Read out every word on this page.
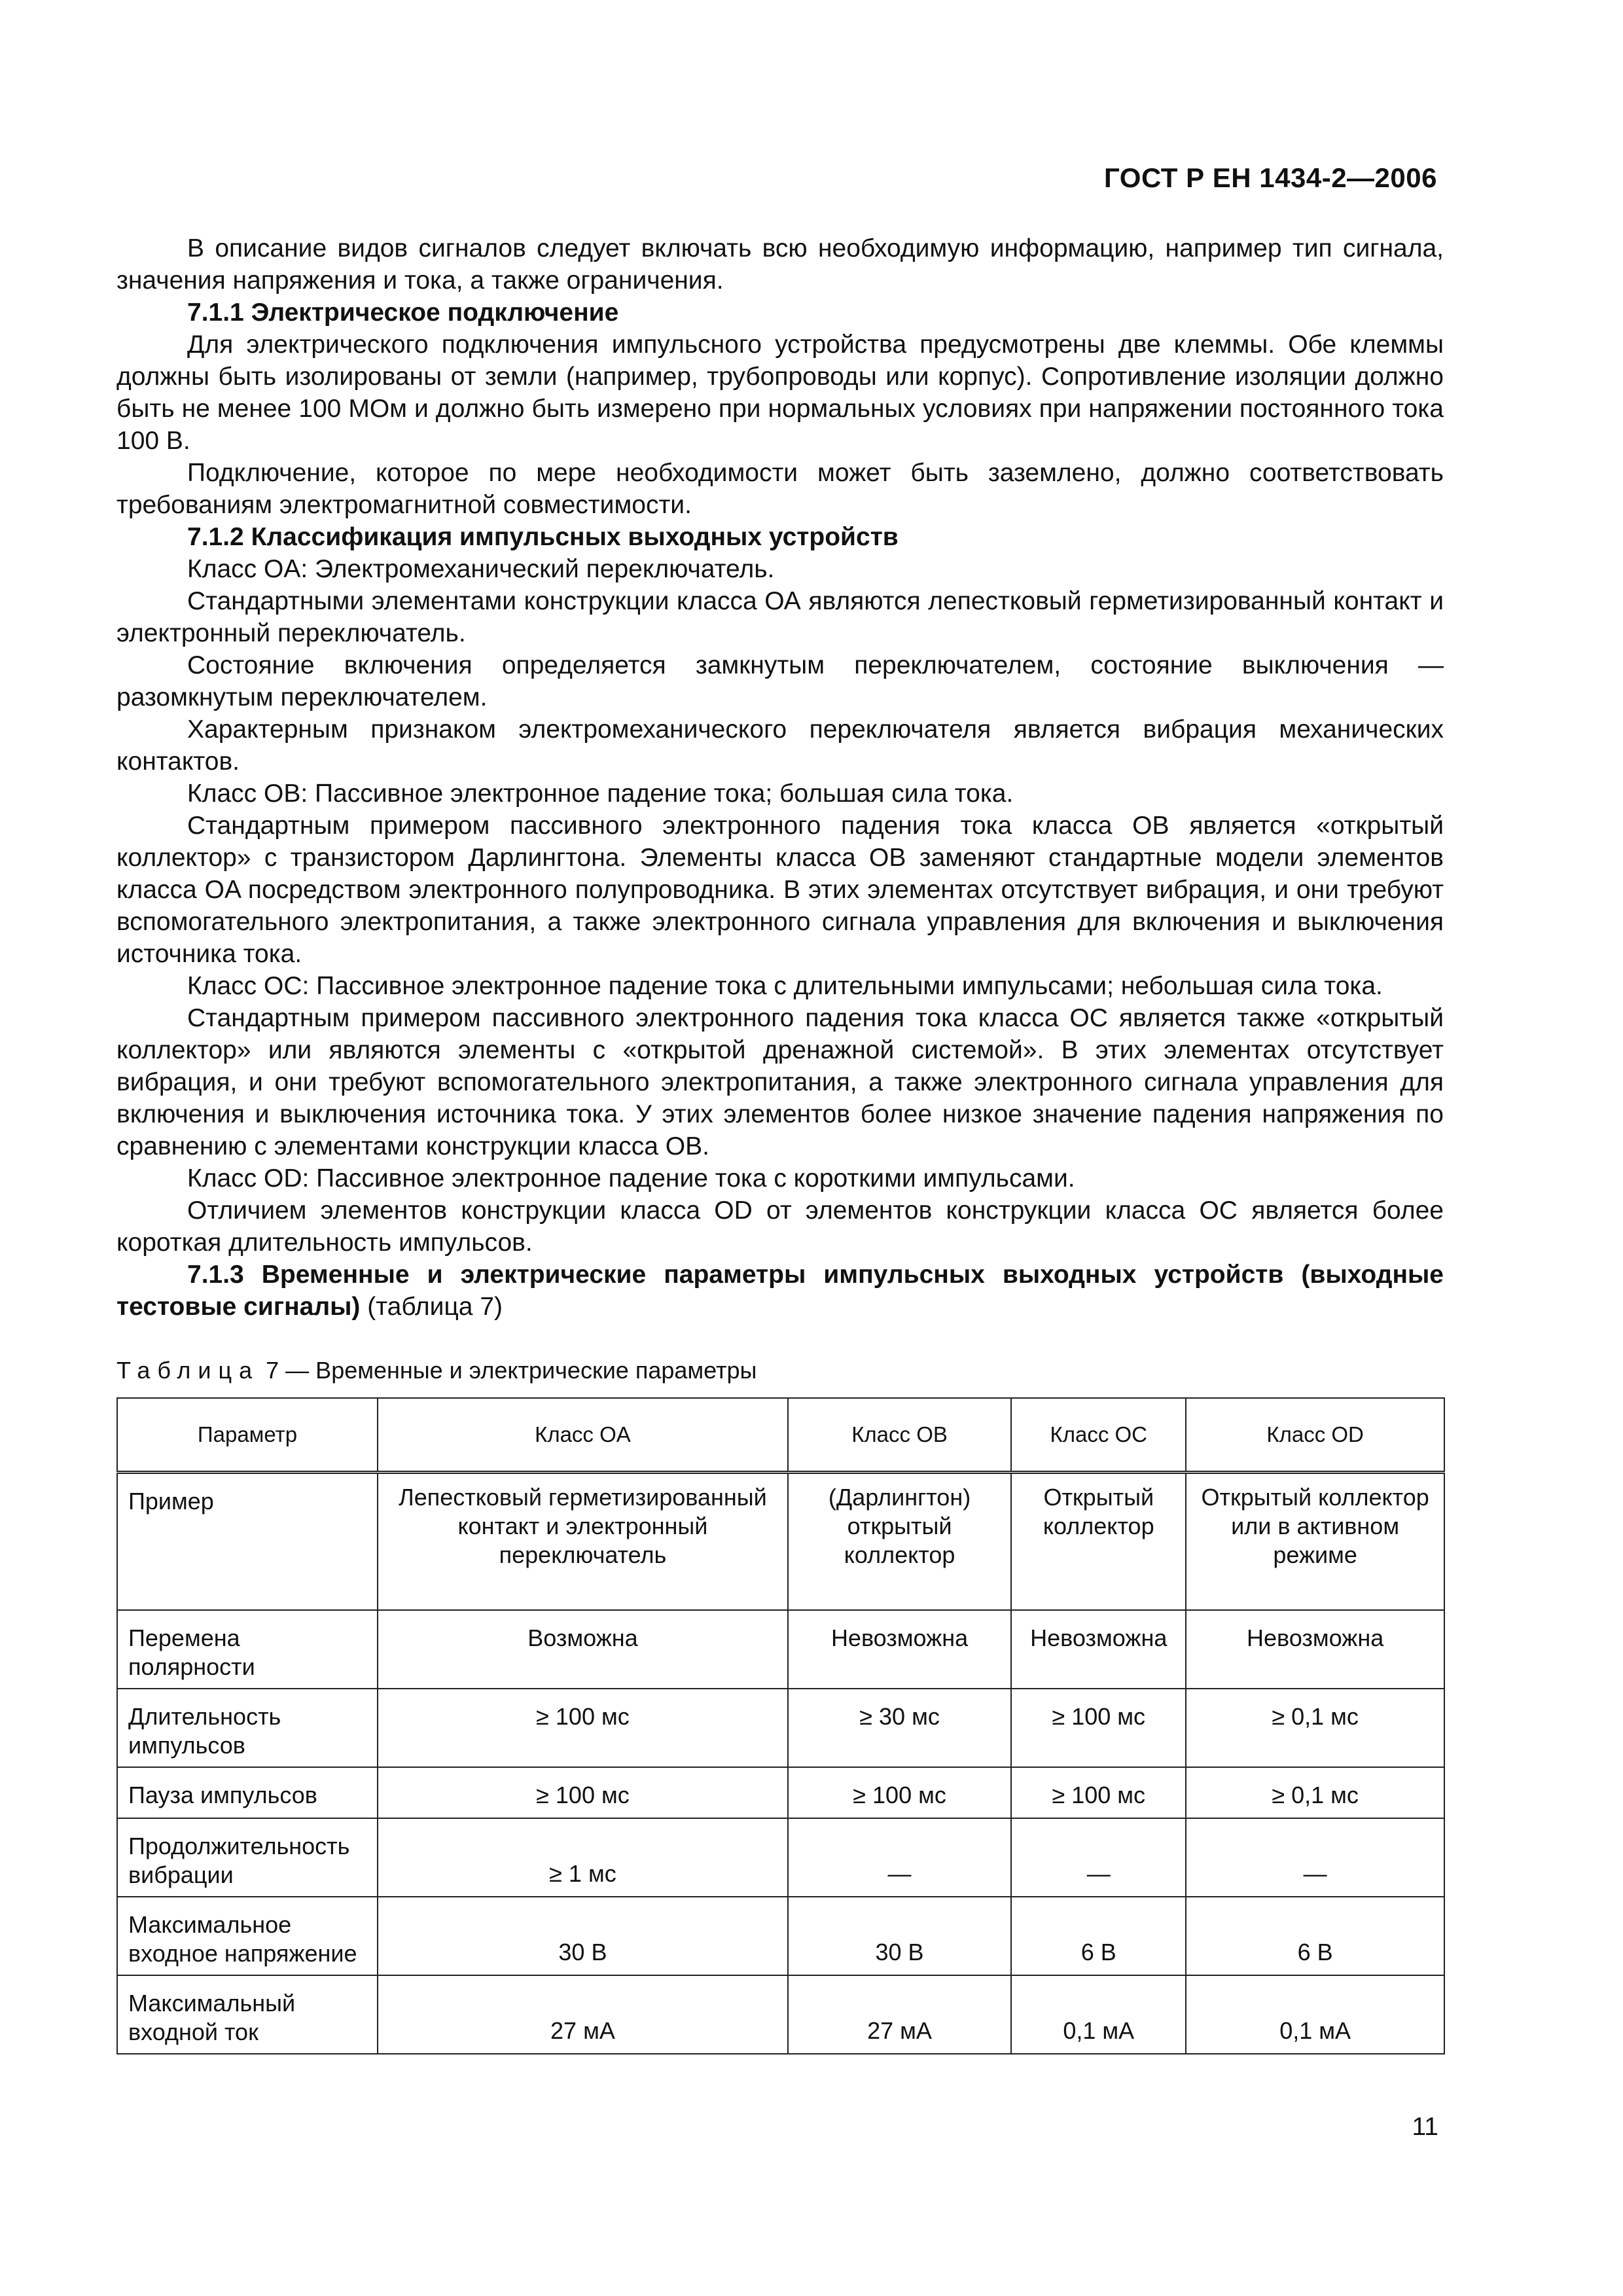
ГОСТ Р ЕН 1434-2—2006

В описание видов сигналов следует включать всю необходимую информацию, например тип сигнала, значения напряжения и тока, а также ограничения.

7.1.1 Электрическое подключение

Для электрического подключения импульсного устройства предусмотрены две клеммы. Обе клеммы должны быть изолированы от земли (например, трубопроводы или корпус). Сопротивление изоляции должно быть не менее 100 МОм и должно быть измерено при нормальных условиях при напряжении постоянного тока 100 В.

Подключение, которое по мере необходимости может быть заземлено, должно соответствовать требованиям электромагнитной совместимости.

7.1.2 Классификация импульсных выходных устройств

Класс OA: Электромеханический переключатель.

Стандартными элементами конструкции класса ОА являются лепестковый герметизированный контакт и электронный переключатель.

Состояние включения определяется замкнутым переключателем, состояние выключения — разомкнутым переключателем.

Характерным признаком электромеханического переключателя является вибрация механических контактов.

Класс OB: Пассивное электронное падение тока; большая сила тока.

Стандартным примером пассивного электронного падения тока класса OB является «открытый коллектор» с транзистором Дарлингтона. Элементы класса OB заменяют стандартные модели элементов класса OA посредством электронного полупроводника. В этих элементах отсутствует вибрация, и они требуют вспомогательного электропитания, а также электронного сигнала управления для включения и выключения источника тока.

Класс OC: Пассивное электронное падение тока с длительными импульсами; небольшая сила тока.

Стандартным примером пассивного электронного падения тока класса OC является также «открытый коллектор» или являются элементы с «открытой дренажной системой». В этих элементах отсутствует вибрация, и они требуют вспомогательного электропитания, а также электронного сигнала управления для включения и выключения источника тока. У этих элементов более низкое значение падения напряжения по сравнению с элементами конструкции класса OB.

Класс OD: Пассивное электронное падение тока с короткими импульсами.

Отличием элементов конструкции класса OD от элементов конструкции класса OC является более короткая длительность импульсов.

7.1.3 Временные и электрические параметры импульсных выходных устройств (выходные тестовые сигналы) (таблица 7)

Таблица 7 — Временные и электрические параметры
Параметр	Класс OA	Класс OB	Класс OC	Класс OD
Пример	Лепестковый герметизированный контакт и электронный переключатель	(Дарлингтон) открытый коллектор	Открытый коллектор	Открытый коллектор или в активном режиме
Перемена полярности	Возможна	Невозможна	Невозможна	Невозможна
Длительность импульсов	≥ 100 мс	≥ 30 мс	≥ 100 мс	≥ 0,1 мс
Пауза импульсов	≥ 100 мс	≥ 100 мс	≥ 100 мс	≥ 0,1 мс
Продолжительность вибрации	≥ 1 мс	—	—	—
Максимальное входное напряжение	30 В	30 В	6 В	6 В
Максимальный входной ток	27 мА	27 мА	0,1 мА	0,1 мА
11
